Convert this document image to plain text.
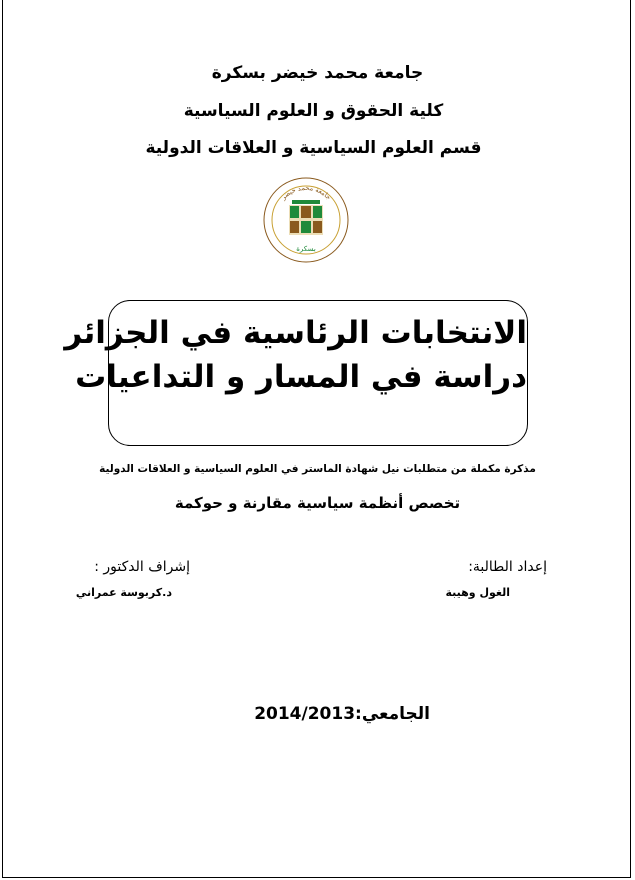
جامعة محمد خيضر بسكرة
كلية الحقوق و العلوم السياسية
قسم العلوم السياسية و العلاقات الدولية
جامعة محمد خيضر
بسكرة
الانتخابات الرئاسية في الجزائر
دراسة في المسار و التداعيات
مذكرة مكملة من متطلبات نيل شهادة الماستر في العلوم السياسية و العلاقات الدولية
تخصص أنظمة سياسية مقارنة و حوكمة
إعداد الطالبة:
إشراف الدكتور :
الغول وهيبة
د.كربوسة عمراني
الجامعي:2014/2013
